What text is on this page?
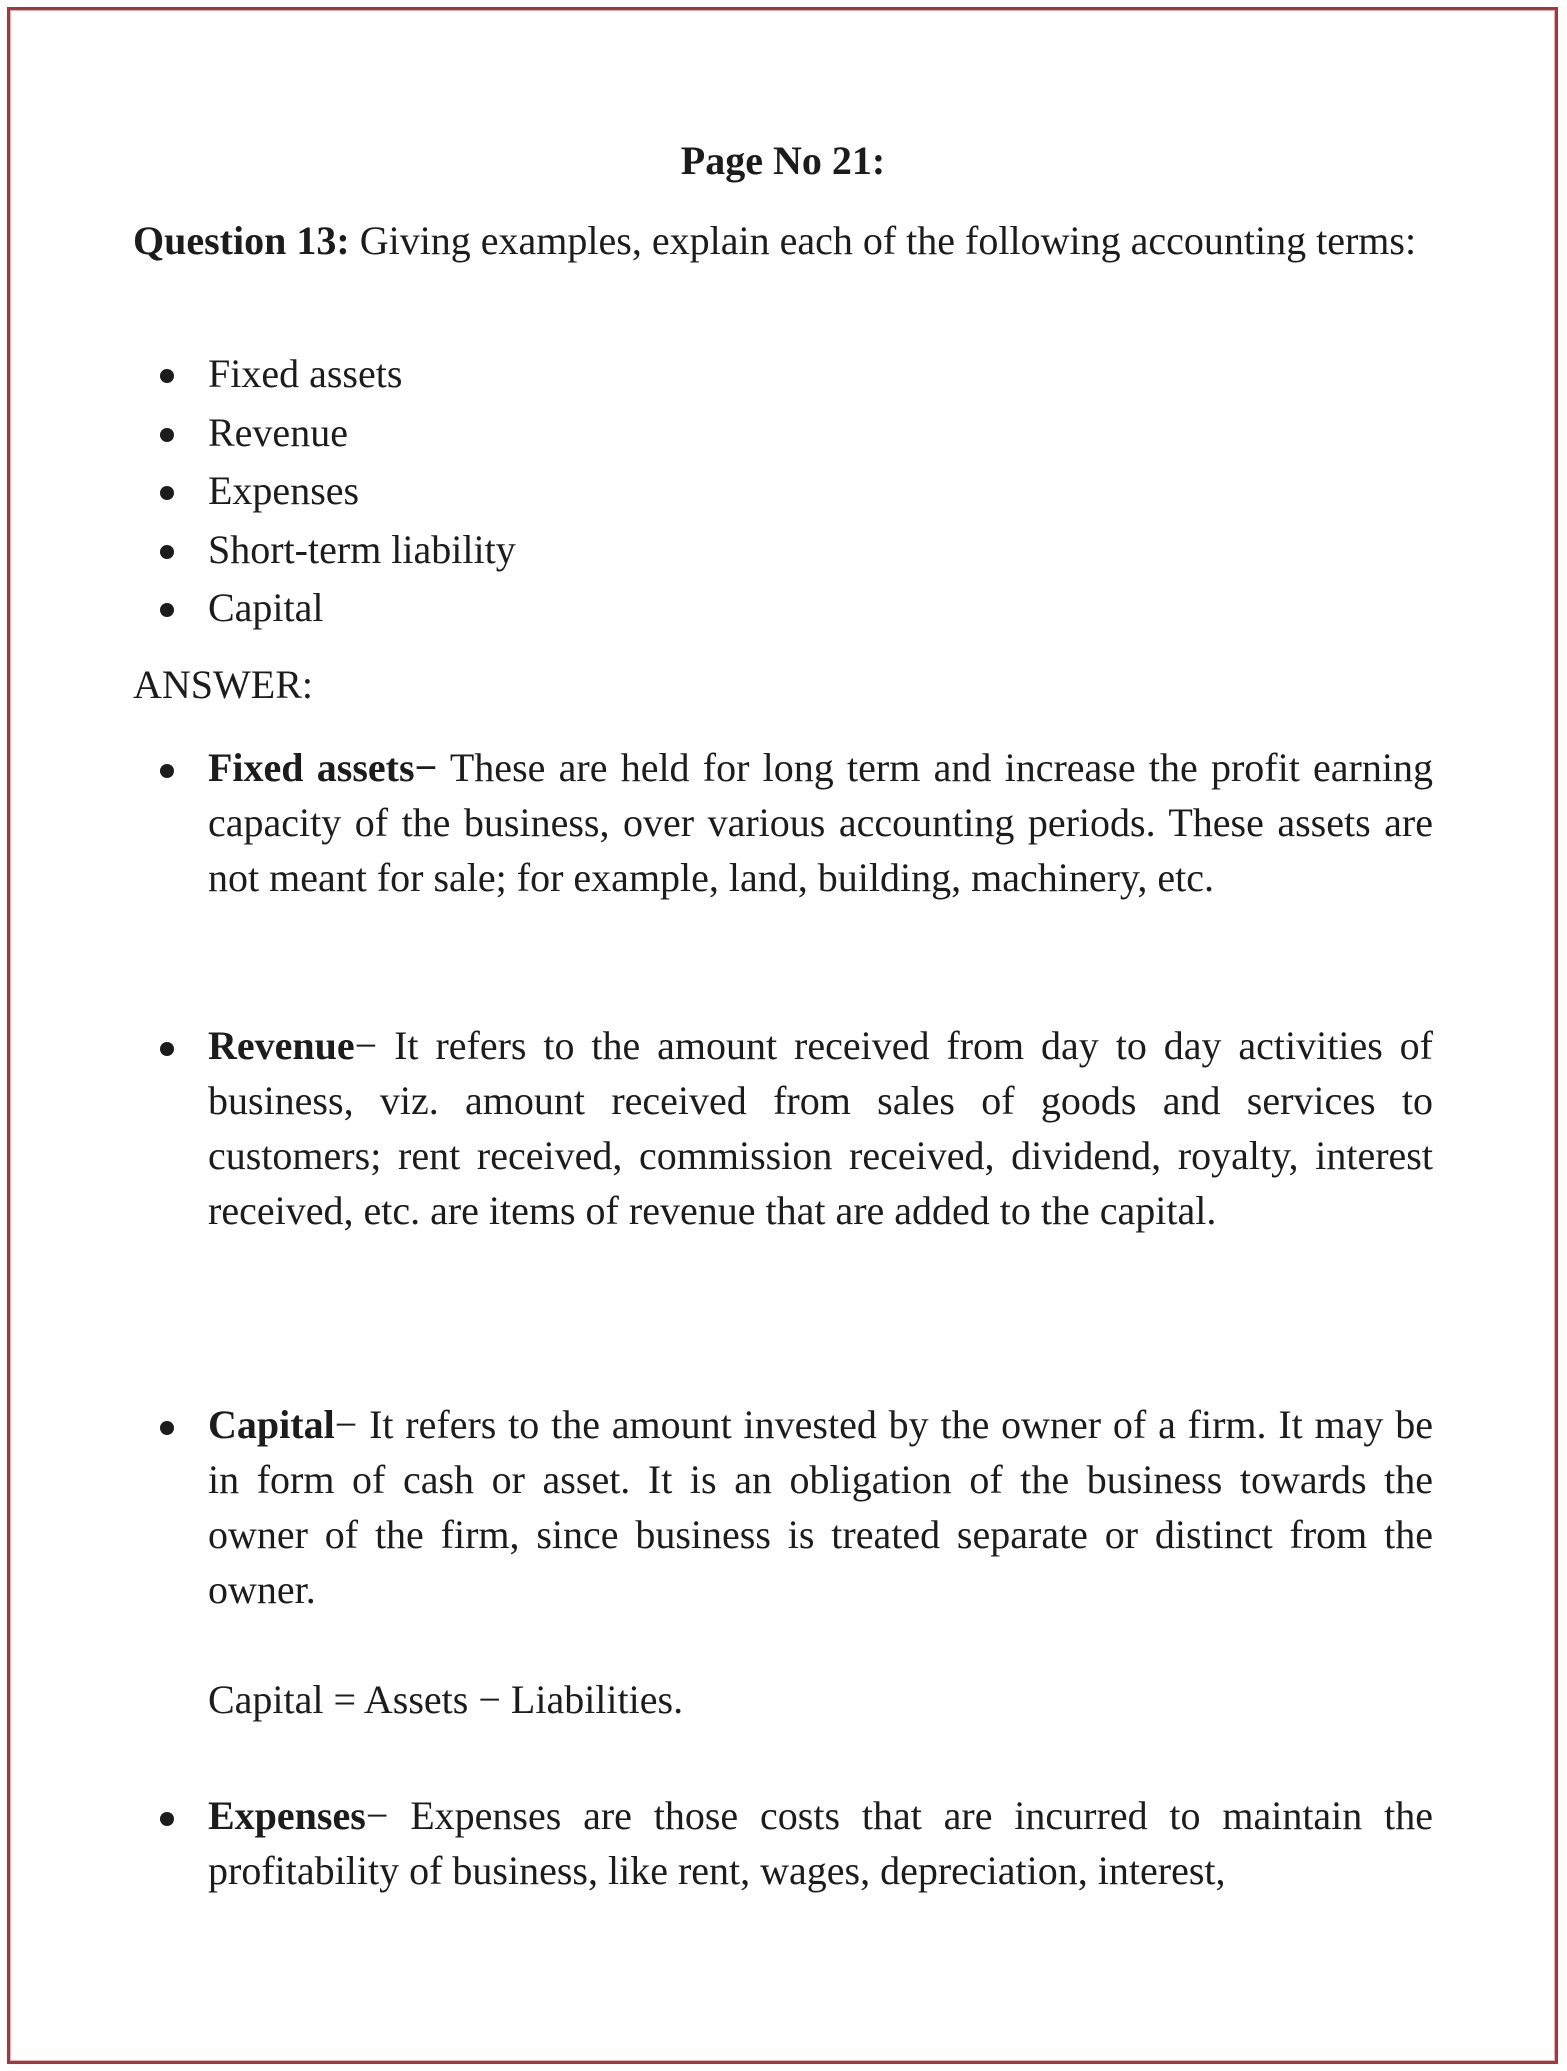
Page No 21:
Question 13: Giving examples, explain each of the following accounting terms:
Fixed assets
Revenue
Expenses
Short-term liability
Capital
ANSWER:
Fixed assets− These are held for long term and increase the profit earning capacity of the business, over various accounting periods. These assets are not meant for sale; for example, land, building, machinery, etc.
Revenue− It refers to the amount received from day to day activities of business, viz. amount received from sales of goods and services to customers; rent received, commission received, dividend, royalty, interest received, etc. are items of revenue that are added to the capital.
Capital− It refers to the amount invested by the owner of a firm. It may be in form of cash or asset. It is an obligation of the business towards the owner of the firm, since business is treated separate or distinct from the owner.
Capital = Assets − Liabilities.
Expenses− Expenses are those costs that are incurred to maintain the profitability of business, like rent, wages, depreciation, interest,
